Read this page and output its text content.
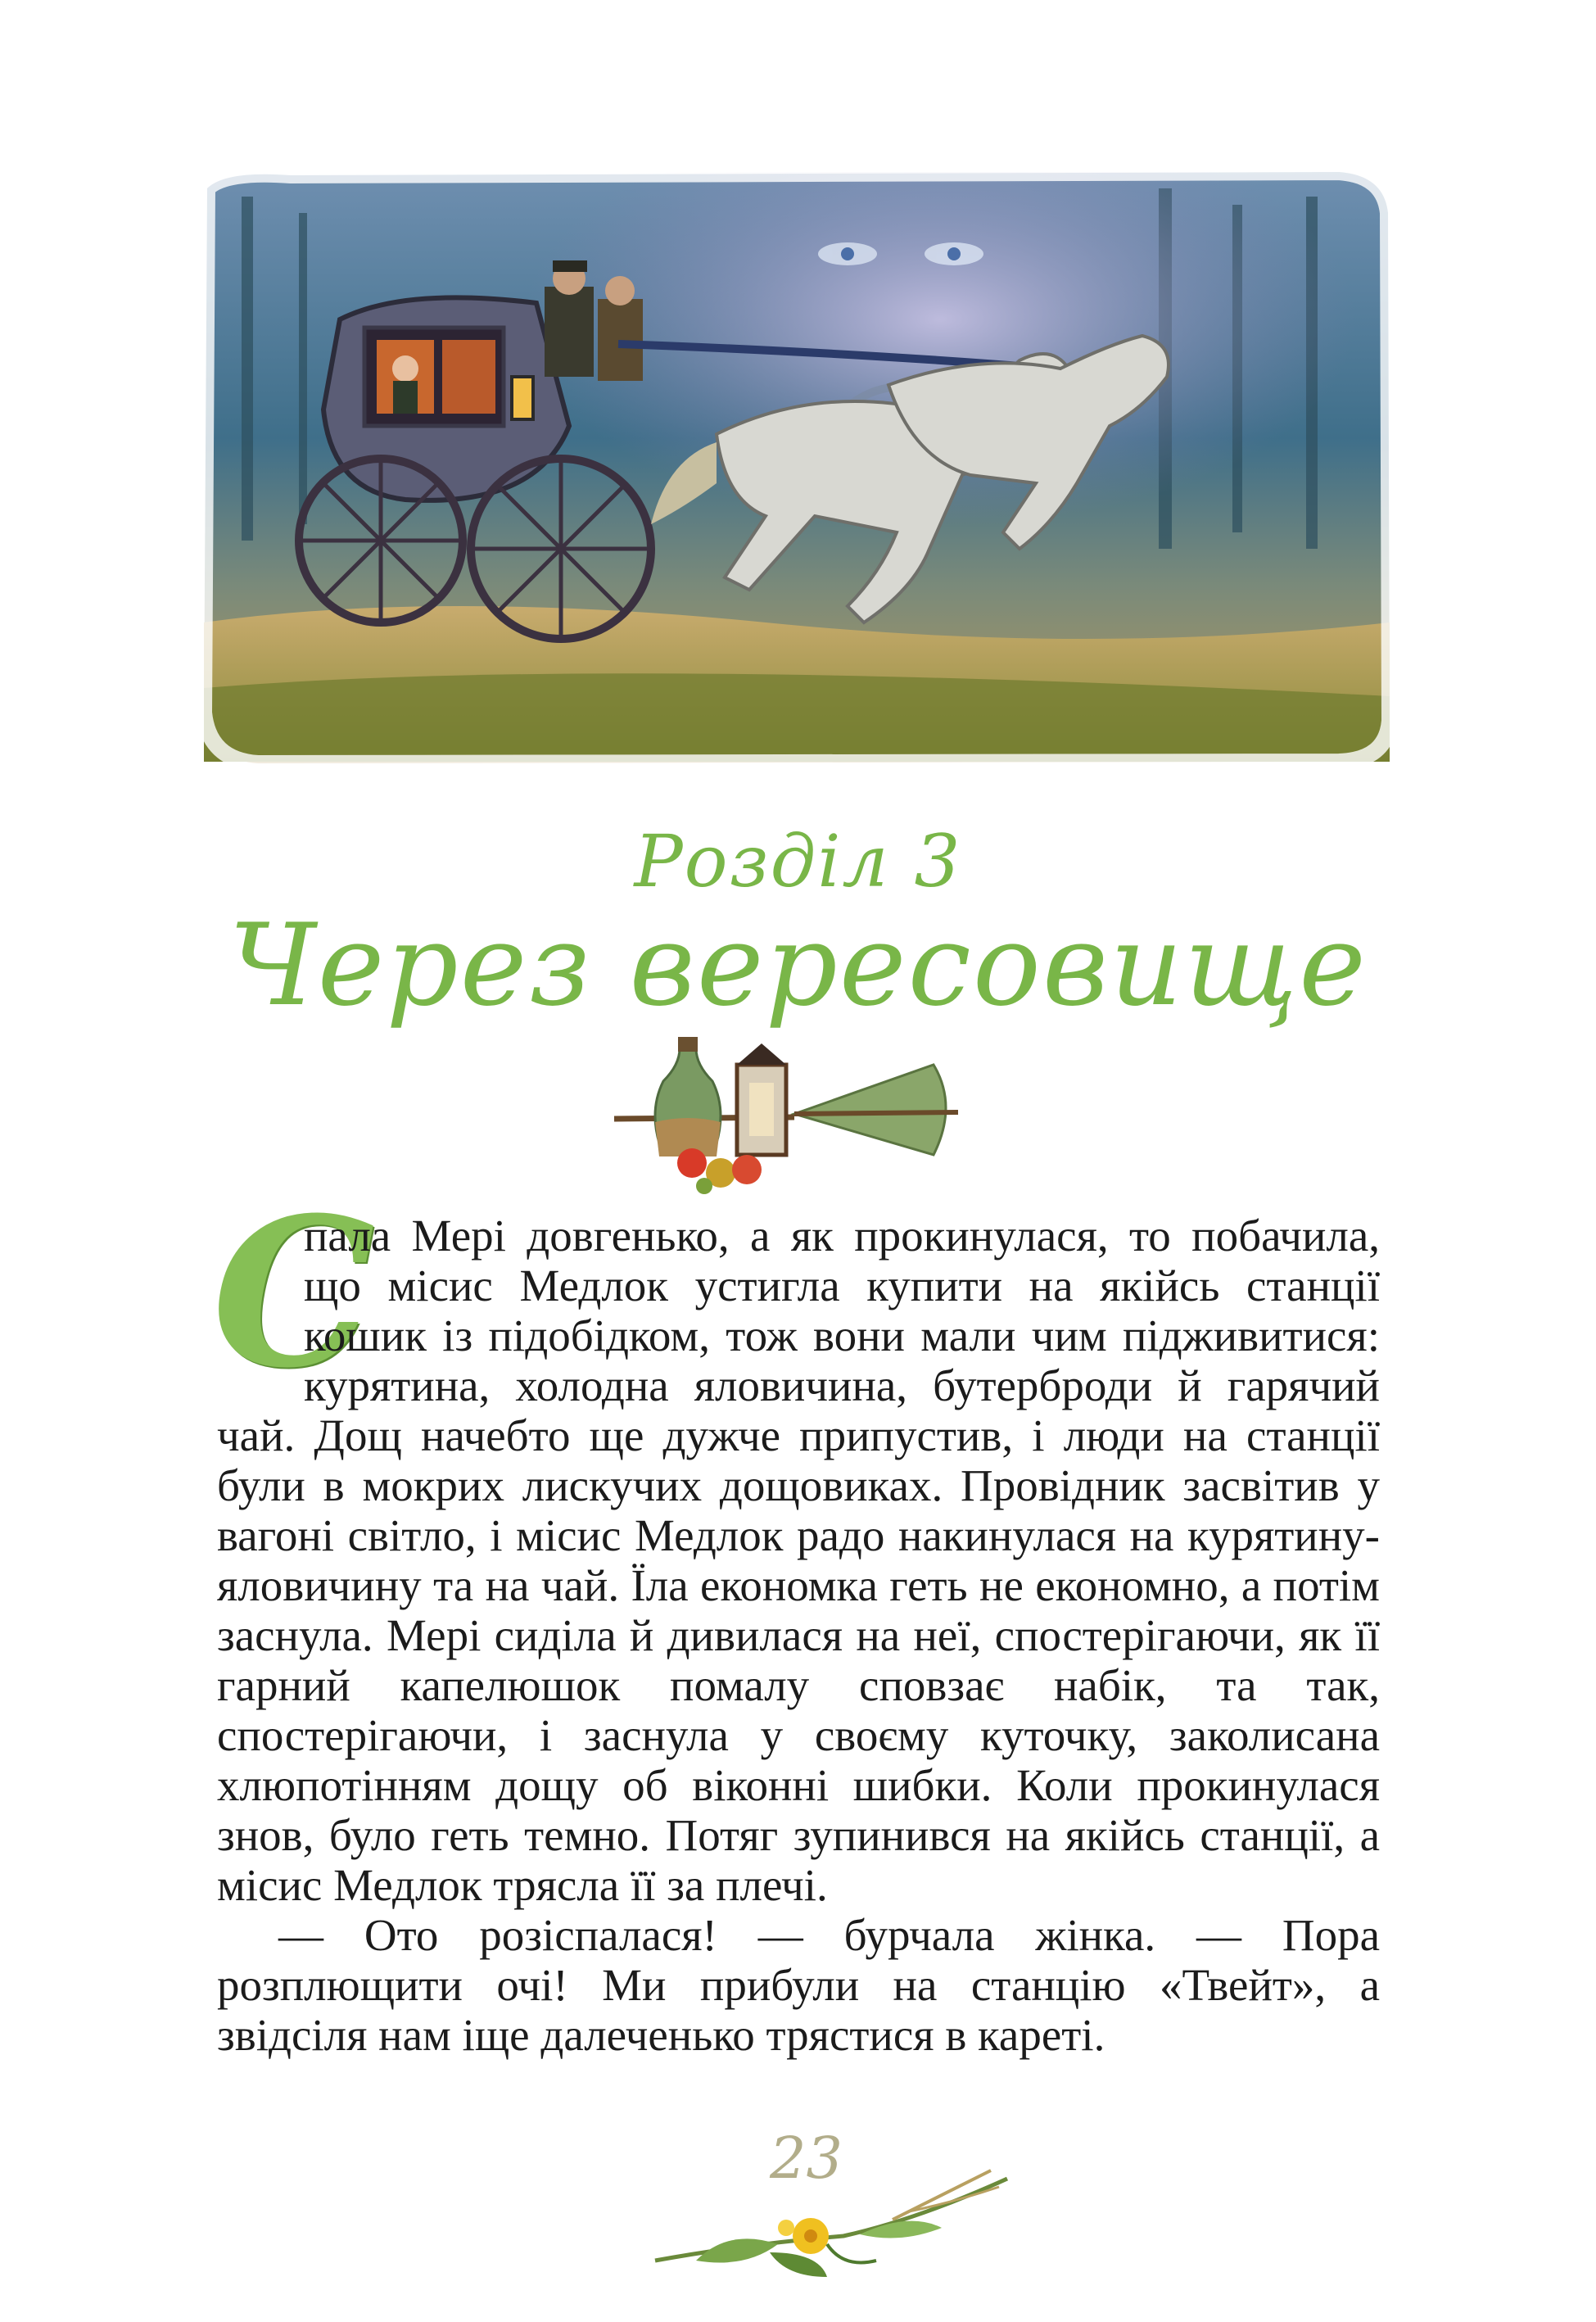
Розділ 3
Через вересовище

С
пала Мері довгенько, а як прокинулася, то побачила, що місис Медлок устигла купити на якійсь станції кошик із підобідком, тож вони мали чим підживитися: курятина, холодна яловичина, бутерброди й гарячий чай. Дощ начебто ще дужче припустив, і люди на станції були в мокрих лискучих дощовиках. Провідник засвітив у вагоні світло, і місис Медлок радо накинулася на курятину-яловичину та на чай. Їла економка геть не економно, а потім заснула. Мері сиділа й дивилася на неї, спостерігаючи, як її гарний капелюшок помалу сповзає набік, та так, спостерігаючи, і заснула у своєму куточку, заколисана хлюпотінням дощу об віконні шибки. Коли прокинулася знов, було геть темно. Потяг зупинився на якійсь станції, а місис Медлок трясла її за плечі.

— Ото розіспалася! — бурчала жінка. — Пора розплющити очі! Ми прибули на станцію «Твейт», а звідсіля нам іще далеченько трястися в кареті.

23
